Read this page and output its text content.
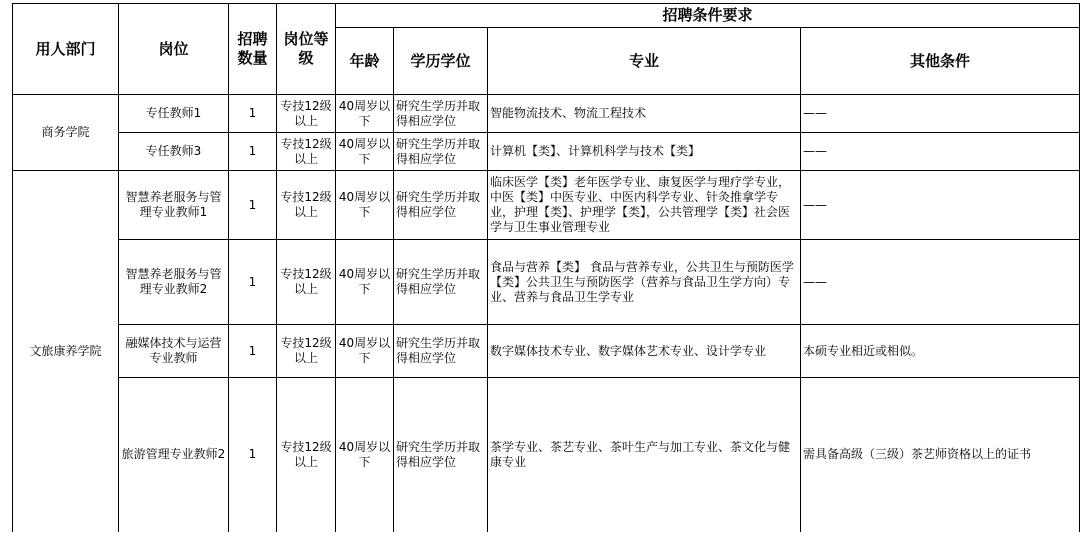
用人部门	岗位	招聘数量	岗位等级	招聘条件要求			
				年龄	学历学位	专业	其他条件
商务学院	专任教师1	1	专技12级以上	40周岁以下	研究生学历并取得相应学位	智能物流技术、物流工程技术	——
	专任教师3	1	专技12级以上	40周岁以下	研究生学历并取得相应学位	计算机【类】、计算机科学与技术【类】	——
文旅康养学院	智慧养老服务与管理专业教师1	1	专技12级以上	40周岁以下	研究生学历并取得相应学位	临床医学【类】老年医学专业、康复医学与理疗学专业，中医【类】中医专业、中医内科学专业、针灸推拿学专业，护理【类】、护理学【类】，公共管理学【类】社会医学与卫生事业管理专业	——
	智慧养老服务与管理专业教师2	1	专技12级以上	40周岁以下	研究生学历并取得相应学位	食品与营养【类】 食品与营养专业，公共卫生与预防医学【类】公共卫生与预防医学（营养与食品卫生学方向）专业、营养与食品卫生学专业	——
	融媒体技术与运营专业教师	1	专技12级以上	40周岁以下	研究生学历并取得相应学位	数字媒体技术专业、数字媒体艺术专业、设计学专业	本硕专业相近或相似。
	旅游管理专业教师2	1	专技12级以上	40周岁以下	研究生学历并取得相应学位	茶学专业、茶艺专业、茶叶生产与加工专业、茶文化与健康专业	需具备高级（三级）茶艺师资格以上的证书
